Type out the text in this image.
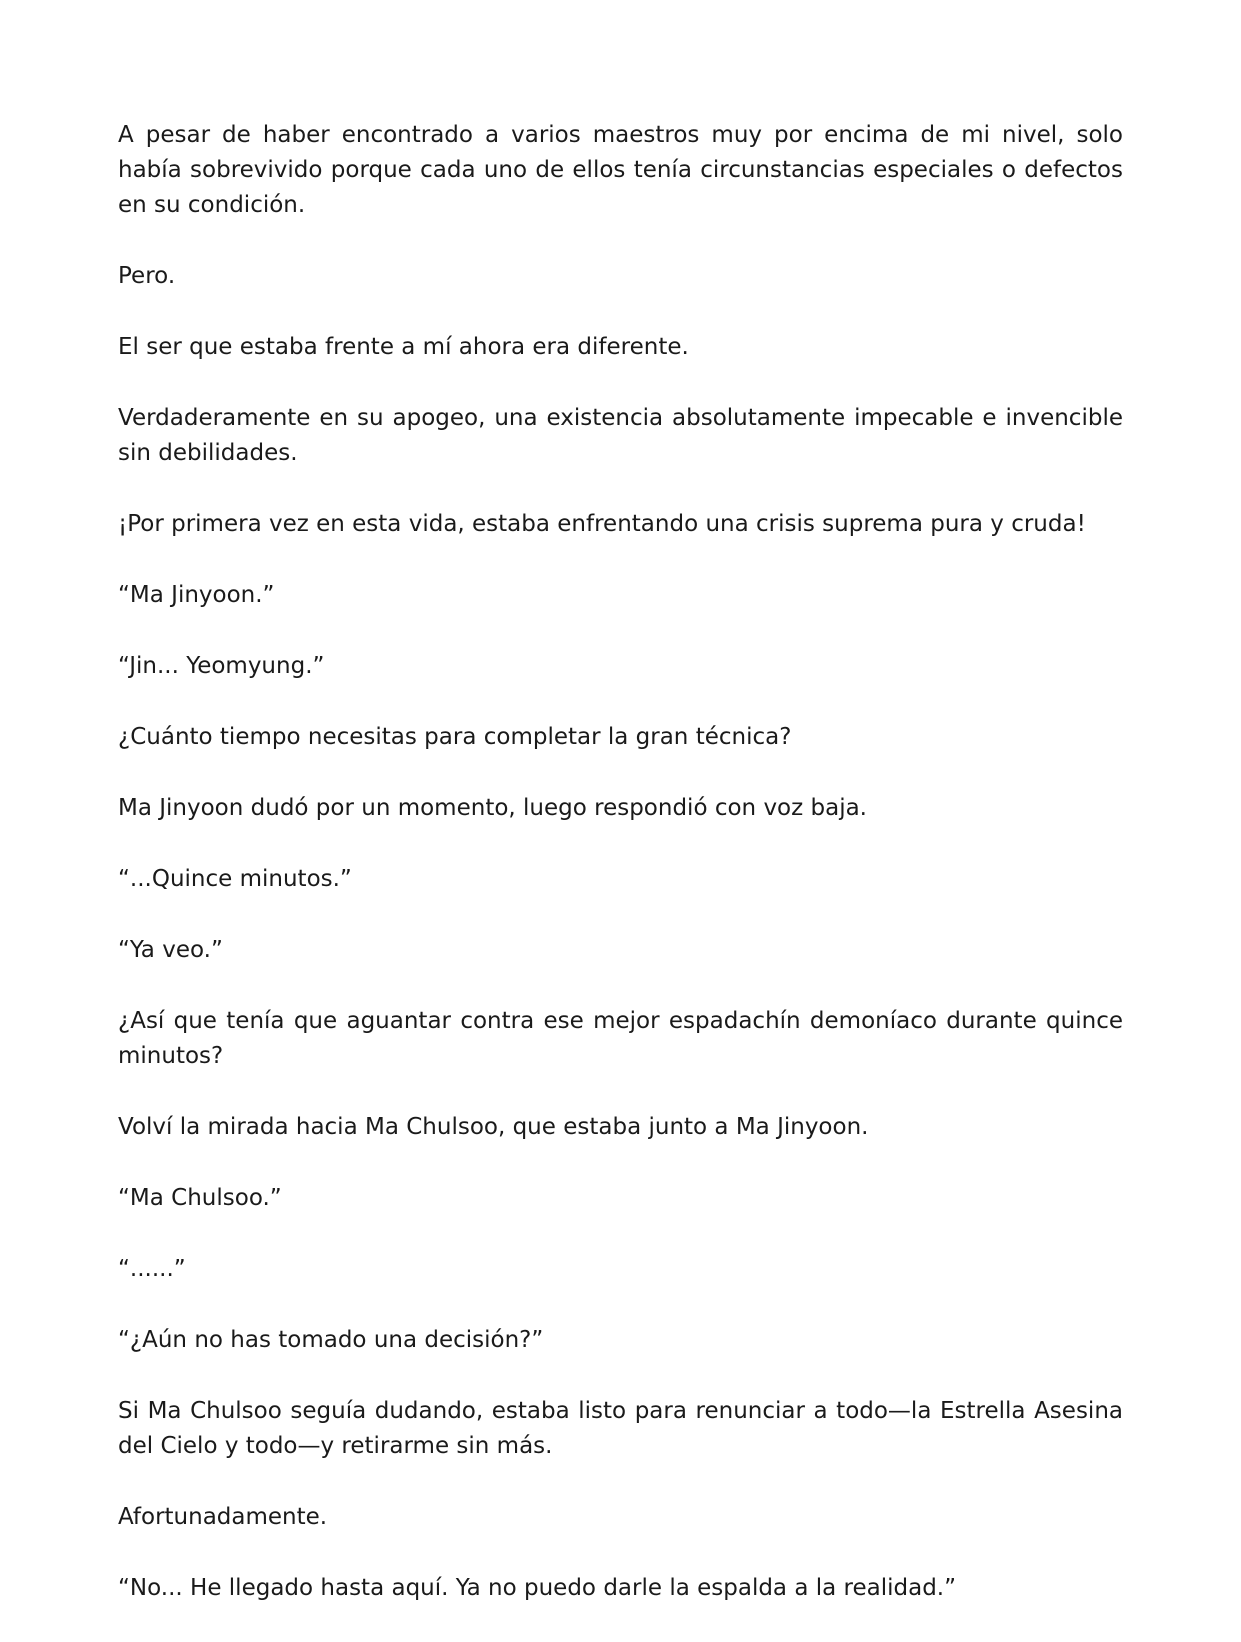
A pesar de haber encontrado a varios maestros muy por encima de mi nivel, solo había sobrevivido porque cada uno de ellos tenía circunstancias especiales o defectos en su condición.

Pero.

El ser que estaba frente a mí ahora era diferente.

Verdaderamente en su apogeo, una existencia absolutamente impecable e invencible sin debilidades.

¡Por primera vez en esta vida, estaba enfrentando una crisis suprema pura y cruda!

“Ma Jinyoon.”

“Jin... Yeomyung.”

¿Cuánto tiempo necesitas para completar la gran técnica?

Ma Jinyoon dudó por un momento, luego respondió con voz baja.

“...Quince minutos.”

“Ya veo.”

¿Así que tenía que aguantar contra ese mejor espadachín demoníaco durante quince minutos?

Volví la mirada hacia Ma Chulsoo, que estaba junto a Ma Jinyoon.

“Ma Chulsoo.”

“......”

“¿Aún no has tomado una decisión?”

Si Ma Chulsoo seguía dudando, estaba listo para renunciar a todo—la Estrella Asesina del Cielo y todo—y retirarme sin más.

Afortunadamente.

“No... He llegado hasta aquí. Ya no puedo darle la espalda a la realidad.”
